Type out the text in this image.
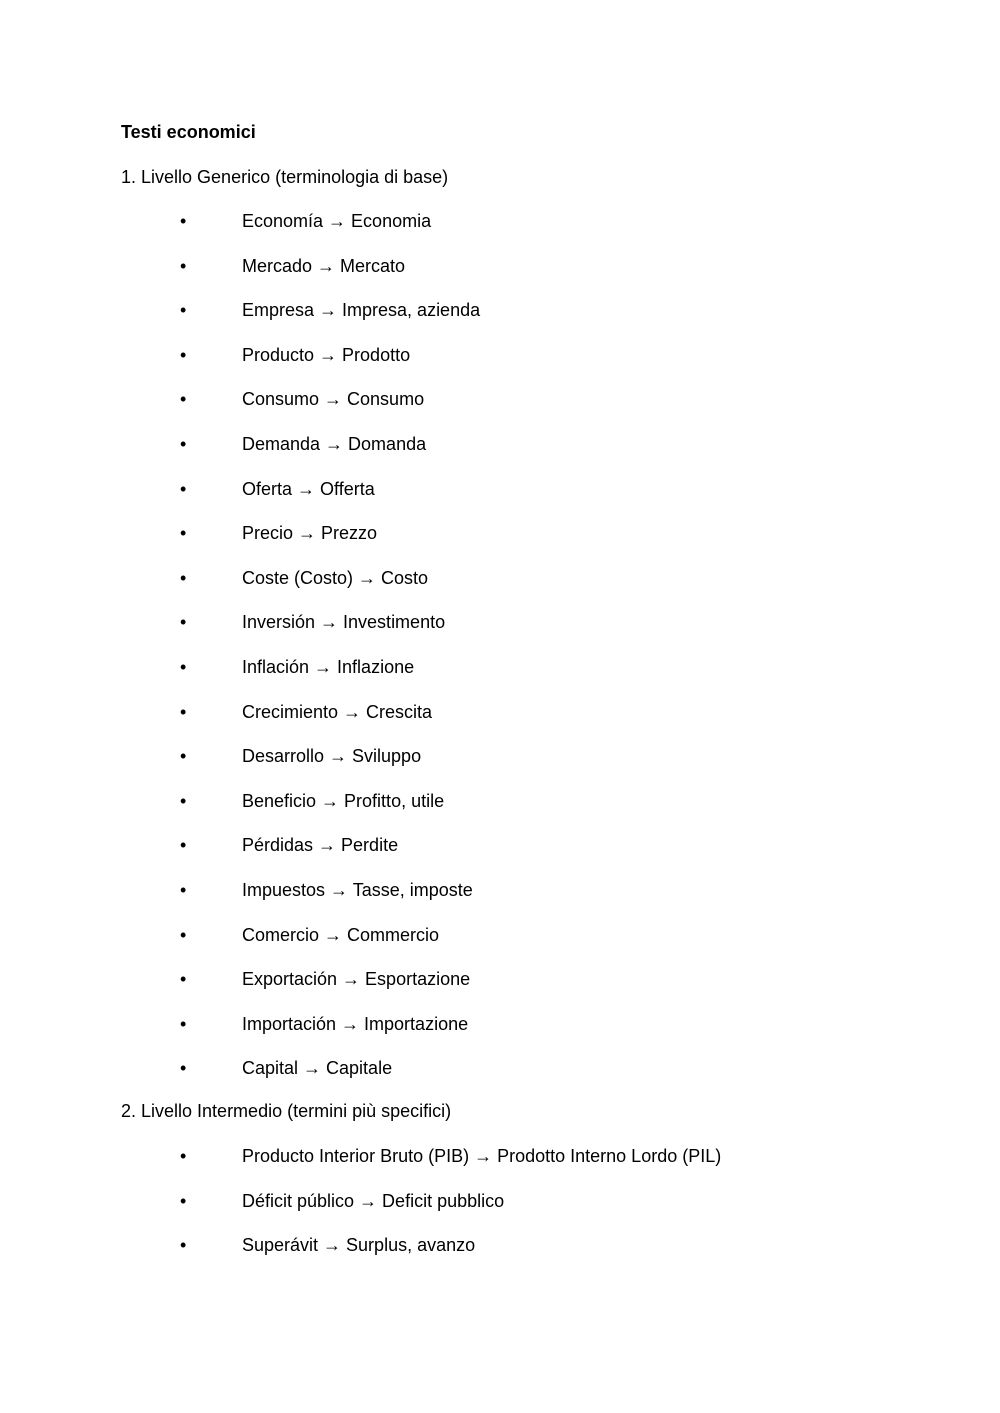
Testi economici
1. Livello Generico (terminologia di base)
•	Economía → Economia
•	Mercado → Mercato
•	Empresa → Impresa, azienda
•	Producto → Prodotto
•	Consumo → Consumo
•	Demanda → Domanda
•	Oferta → Offerta
•	Precio → Prezzo
•	Coste (Costo) → Costo
•	Inversión → Investimento
•	Inflación → Inflazione
•	Crecimiento → Crescita
•	Desarrollo → Sviluppo
•	Beneficio → Profitto, utile
•	Pérdidas → Perdite
•	Impuestos → Tasse, imposte
•	Comercio → Commercio
•	Exportación → Esportazione
•	Importación → Importazione
•	Capital → Capitale
2. Livello Intermedio (termini più specifici)
•	Producto Interior Bruto (PIB) → Prodotto Interno Lordo (PIL)
•	Déficit público → Deficit pubblico
•	Superávit → Surplus, avanzo
